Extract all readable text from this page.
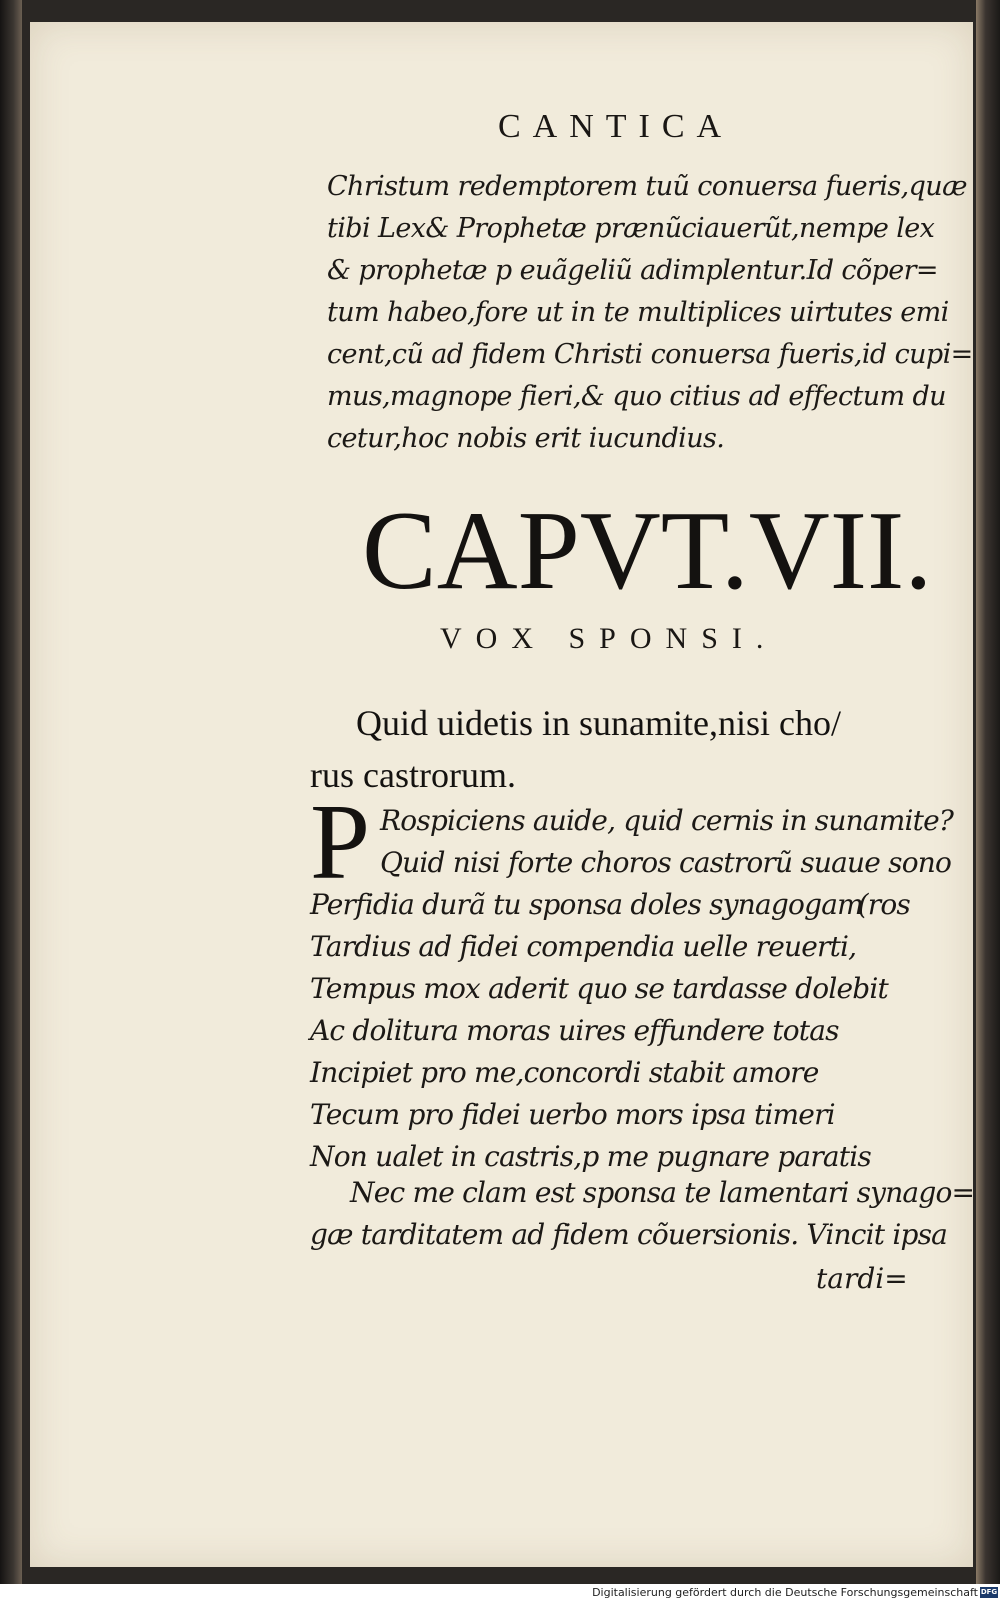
CANTICA
Christum redemptorem tuũ conuersa fueris,quæ
tibi Lex& Prophetæ prænũciauerũt,nempe lex
& prophetæ p euãgeliũ adimplentur.Id cõper=
tum habeo,fore ut in te multiplices uirtutes emi
cent,cũ ad fidem Christi conuersa fueris,id cupi=
mus,magnope fieri,& quo citius ad effectum du
cetur,hoc nobis erit iucundius.
CAPVT.VII.
VOX SPONSI.
Quid uidetis in sunamite,nisi cho/
rus castrorum.
P Rospiciens auide, quid cernis in sunamite?
Quid nisi forte choros castrorũ suaue sono
Perfidia durã tu sponsa doles synagogam
(ros
Tardius ad fidei compendia uelle reuerti,
Tempus mox aderit quo se tardasse dolebit
Ac dolitura moras uires effundere totas
Incipiet pro me,concordi stabit amore
Tecum pro fidei uerbo mors ipsa timeri
Non ualet in castris,p me pugnare paratis
Nec me clam est sponsa te lamentari synago=
gæ tarditatem ad fidem cõuersionis. Vincit ipsa
tardi=
Digitalisierung gefördert durch die Deutsche Forschungsgemeinschaft DFG
